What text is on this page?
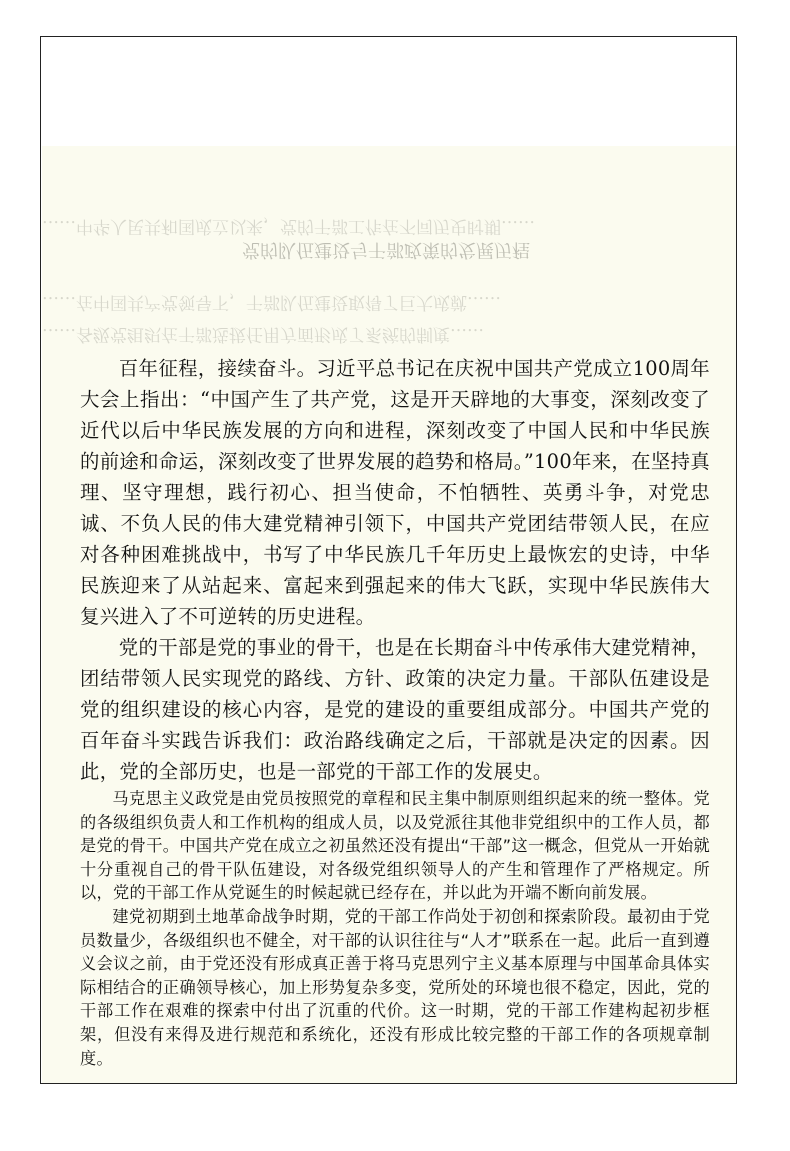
……中华人民共和国成立以来，党的干部工作在不同历史时期……
党的队伍建设与干部政策的发展历程
……在中国共产党领导下，干部队伍建设取得了巨大成就……
……各级党组织在干部选拔任用方面形成了系统的制度……

百年征程，接续奋斗。习近平总书记在庆祝中国共产党成立100周年大会上指出：“中国产生了共产党，这是开天辟地的大事变，深刻改变了近代以后中华民族发展的方向和进程，深刻改变了中国人民和中华民族的前途和命运，深刻改变了世界发展的趋势和格局。”100年来，在坚持真理、坚守理想，践行初心、担当使命，不怕牺牲、英勇斗争，对党忠诚、不负人民的伟大建党精神引领下，中国共产党团结带领人民，在应对各种困难挑战中，书写了中华民族几千年历史上最恢宏的史诗，中华民族迎来了从站起来、富起来到强起来的伟大飞跃，实现中华民族伟大复兴进入了不可逆转的历史进程。

党的干部是党的事业的骨干，也是在长期奋斗中传承伟大建党精神，团结带领人民实现党的路线、方针、政策的决定力量。干部队伍建设是党的组织建设的核心内容，是党的建设的重要组成部分。中国共产党的百年奋斗实践告诉我们：政治路线确定之后，干部就是决定的因素。因此，党的全部历史，也是一部党的干部工作的发展史。

马克思主义政党是由党员按照党的章程和民主集中制原则组织起来的统一整体。党的各级组织负责人和工作机构的组成人员，以及党派往其他非党组织中的工作人员，都是党的骨干。中国共产党在成立之初虽然还没有提出“干部”这一概念，但党从一开始就十分重视自己的骨干队伍建设，对各级党组织领导人的产生和管理作了严格规定。所以，党的干部工作从党诞生的时候起就已经存在，并以此为开端不断向前发展。

建党初期到土地革命战争时期，党的干部工作尚处于初创和探索阶段。最初由于党员数量少，各级组织也不健全，对干部的认识往往与“人才”联系在一起。此后一直到遵义会议之前，由于党还没有形成真正善于将马克思列宁主义基本原理与中国革命具体实际相结合的正确领导核心，加上形势复杂多变，党所处的环境也很不稳定，因此，党的干部工作在艰难的探索中付出了沉重的代价。这一时期，党的干部工作建构起初步框架，但没有来得及进行规范和系统化，还没有形成比较完整的干部工作的各项规章制度。
